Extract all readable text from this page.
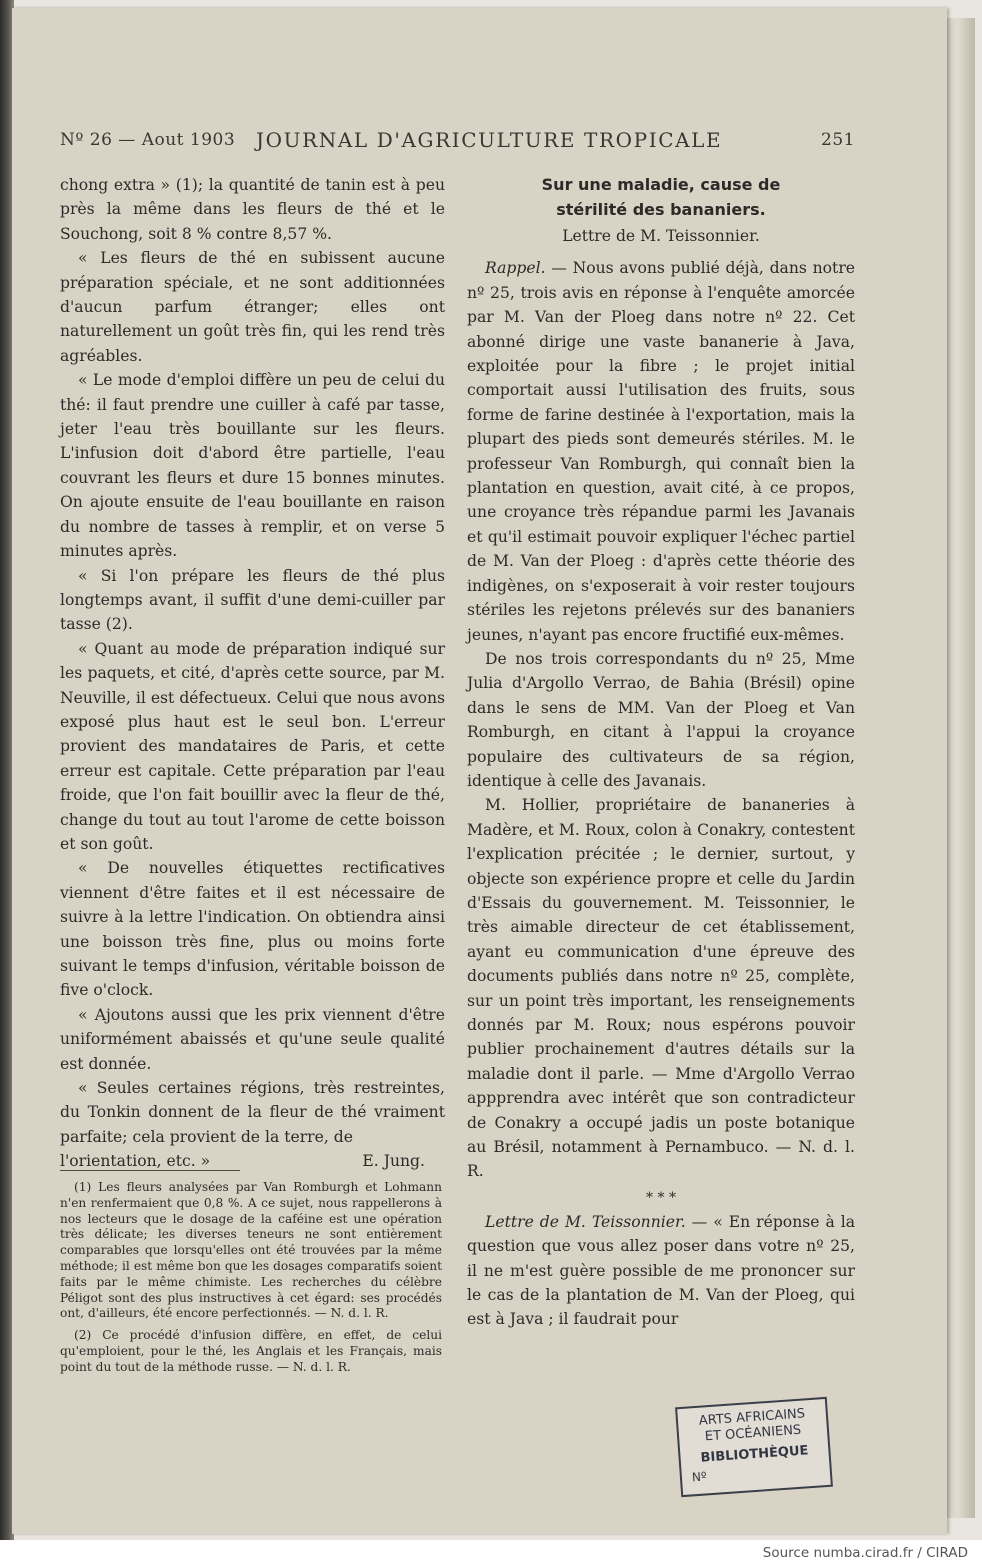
Nº 26 — Aout 1903 JOURNAL D'AGRICULTURE TROPICALE	251

chong extra » (1); la quantité de tanin est à peu près la même dans les fleurs de thé et le Souchong, soit 8 % contre 8,57 %.

« Les fleurs de thé en subissent aucune préparation spéciale, et ne sont additionnées d'aucun parfum étranger; elles ont naturellement un goût très fin, qui les rend très agréables.

« Le mode d'emploi diffère un peu de celui du thé: il faut prendre une cuiller à café par tasse, jeter l'eau très bouillante sur les fleurs. L'infusion doit d'abord être partielle, l'eau couvrant les fleurs et dure 15 bonnes minutes. On ajoute ensuite de l'eau bouillante en raison du nombre de tasses à remplir, et on verse 5 minutes après.

« Si l'on prépare les fleurs de thé plus longtemps avant, il suffit d'une demi-cuiller par tasse (2).

« Quant au mode de préparation indiqué sur les paquets, et cité, d'après cette source, par M. Neuville, il est défectueux. Celui que nous avons exposé plus haut est le seul bon. L'erreur provient des mandataires de Paris, et cette erreur est capitale. Cette préparation par l'eau froide, que l'on fait bouillir avec la fleur de thé, change du tout au tout l'arome de cette boisson et son goût.

« De nouvelles étiquettes rectificatives viennent d'être faites et il est nécessaire de suivre à la lettre l'indication. On obtiendra ainsi une boisson très fine, plus ou moins forte suivant le temps d'infusion, véritable boisson de five o'clock.

« Ajoutons aussi que les prix viennent d'être uniformément abaissés et qu'une seule qualité est donnée.

« Seules certaines régions, très restreintes, du Tonkin donnent de la fleur de thé vraiment parfaite; cela provient de la terre, de

l'orientation, etc. »	E. Jung.

(1) Les fleurs analysées par Van Romburgh et Lohmann n'en renfermaient que 0,8 %. A ce sujet, nous rappellerons à nos lecteurs que le dosage de la caféine est une opération très délicate; les diverses teneurs ne sont entièrement comparables que lorsqu'elles ont été trouvées par la même méthode; il est même bon que les dosages comparatifs soient faits par le même chimiste. Les recherches du célèbre Péligot sont des plus instructives à cet égard: ses procédés ont, d'ailleurs, été encore perfectionnés. — N. d. l. R.

(2) Ce procédé d'infusion diffère, en effet, de celui qu'emploient, pour le thé, les Anglais et les Français, mais point du tout de la méthode russe. — N. d. l. R.

Sur une maladie, cause de
stérilité des bananiers.
Lettre de M. Teissonnier.

Rappel. — Nous avons publié déjà, dans notre nº 25, trois avis en réponse à l'enquête amorcée par M. Van der Ploeg dans notre nº 22. Cet abonné dirige une vaste bananerie à Java, exploitée pour la fibre ; le projet initial comportait aussi l'utilisation des fruits, sous forme de farine destinée à l'exportation, mais la plupart des pieds sont demeurés stériles. M. le professeur Van Romburgh, qui connaît bien la plantation en question, avait cité, à ce propos, une croyance très répandue parmi les Javanais et qu'il estimait pouvoir expliquer l'échec partiel de M. Van der Ploeg : d'après cette théorie des indigènes, on s'exposerait à voir rester toujours stériles les rejetons prélevés sur des bananiers jeunes, n'ayant pas encore fructifié eux-mêmes.

De nos trois correspondants du nº 25, Mme Julia d'Argollo Verrao, de Bahia (Brésil) opine dans le sens de MM. Van der Ploeg et Van Romburgh, en citant à l'appui la croyance populaire des cultivateurs de sa région, identique à celle des Javanais.

M. Hollier, propriétaire de bananeries à Madère, et M. Roux, colon à Conakry, contestent l'explication précitée ; le dernier, surtout, y objecte son expérience propre et celle du Jardin d'Essais du gouvernement. M. Teissonnier, le très aimable directeur de cet établissement, ayant eu communication d'une épreuve des documents publiés dans notre nº 25, complète, sur un point très important, les renseignements donnés par M. Roux; nous espérons pouvoir publier prochainement d'autres détails sur la maladie dont il parle. — Mme d'Argollo Verrao appprendra avec intérêt que son contradicteur de Conakry a occupé jadis un poste botanique au Brésil, notamment à Pernambuco. — N. d. l. R.

* * *

Lettre de M. Teissonnier. — « En réponse à la question que vous allez poser dans votre nº 25, il ne m'est guère possible de me prononcer sur le cas de la plantation de M. Van der Ploeg, qui est à Java ; il faudrait pour

ARTS AFRICAINS
ET OCÉANIENS
BIBLIOTHÈQUE
Nº
Source numba.cirad.fr / CIRAD
